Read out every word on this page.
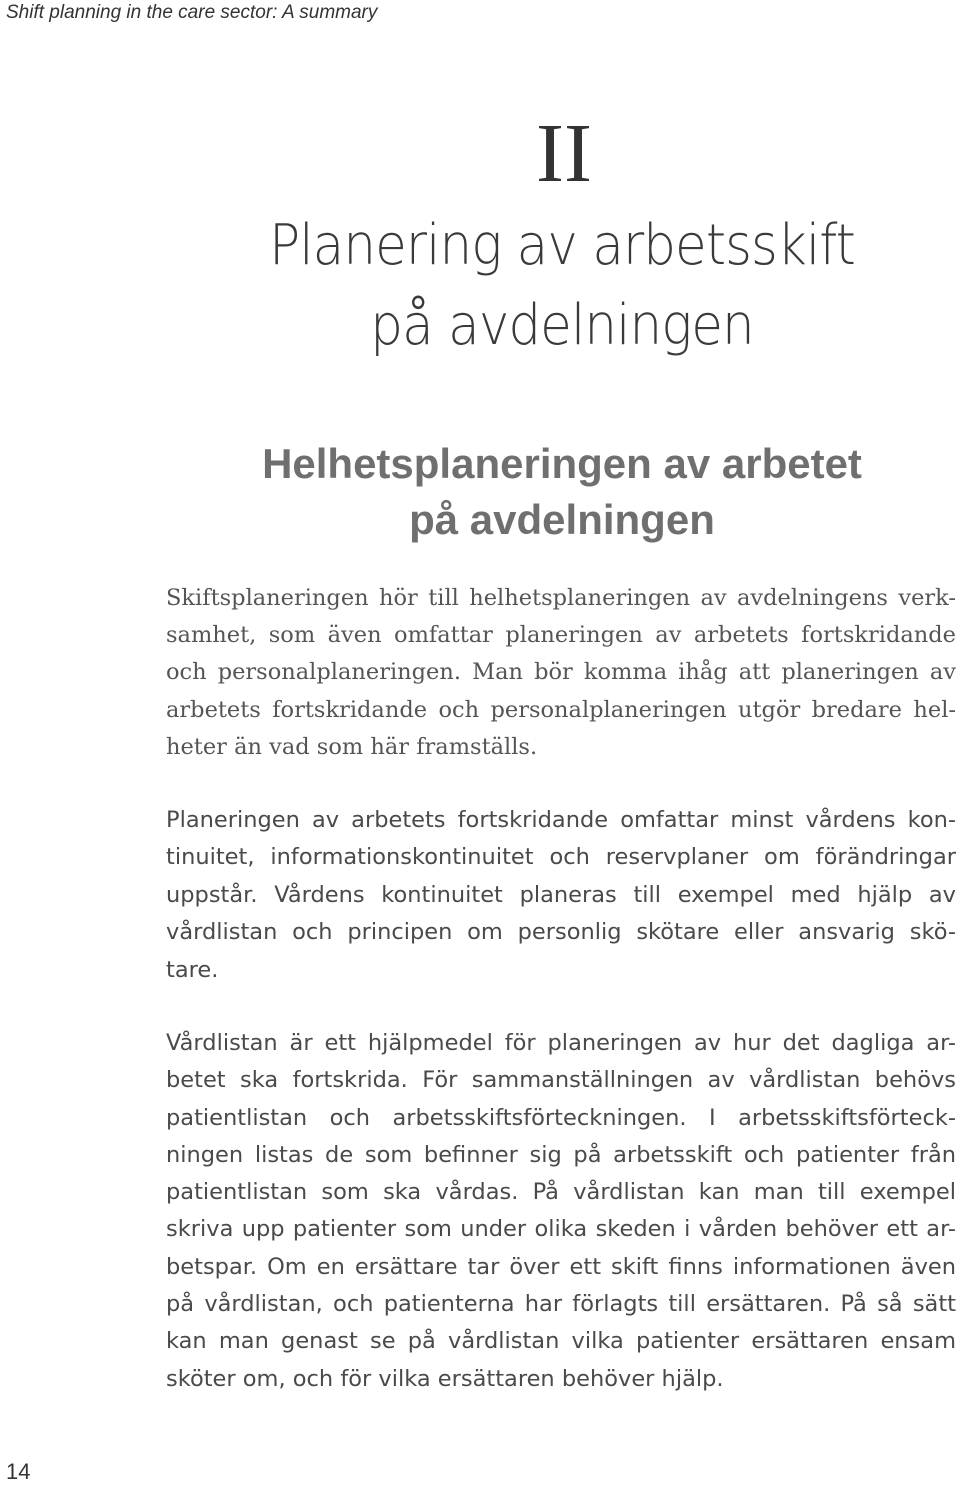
Shift planning in the care sector: A summary
II
Planering av arbetsskift
på avdelningen
Helhetsplaneringen av arbetet
på avdelningen

Skiftsplaneringen hör till helhetsplaneringen av avdelningens verk-
samhet, som även omfattar planeringen av arbetets fortskridande
och personalplaneringen. Man bör komma ihåg att planeringen av
arbetets fortskridande och personalplaneringen utgör bredare hel-
heter än vad som här framställs.

Planeringen av arbetets fortskridande omfattar minst vårdens kon-
tinuitet, informationskontinuitet och reservplaner om förändringar
uppstår. Vårdens kontinuitet planeras till exempel med hjälp av
vårdlistan och principen om personlig skötare eller ansvarig skö-
tare.

Vårdlistan är ett hjälpmedel för planeringen av hur det dagliga ar-
betet ska fortskrida. För sammanställningen av vårdlistan behövs
patientlistan och arbetsskiftsförteckningen. I arbetsskiftsförteck-
ningen listas de som befinner sig på arbetsskift och patienter från
patientlistan som ska vårdas. På vårdlistan kan man till exempel
skriva upp patienter som under olika skeden i vården behöver ett ar-
betspar. Om en ersättare tar över ett skift finns informationen även
på vårdlistan, och patienterna har förlagts till ersättaren. På så sätt
kan man genast se på vårdlistan vilka patienter ersättaren ensam
sköter om, och för vilka ersättaren behöver hjälp.

14
